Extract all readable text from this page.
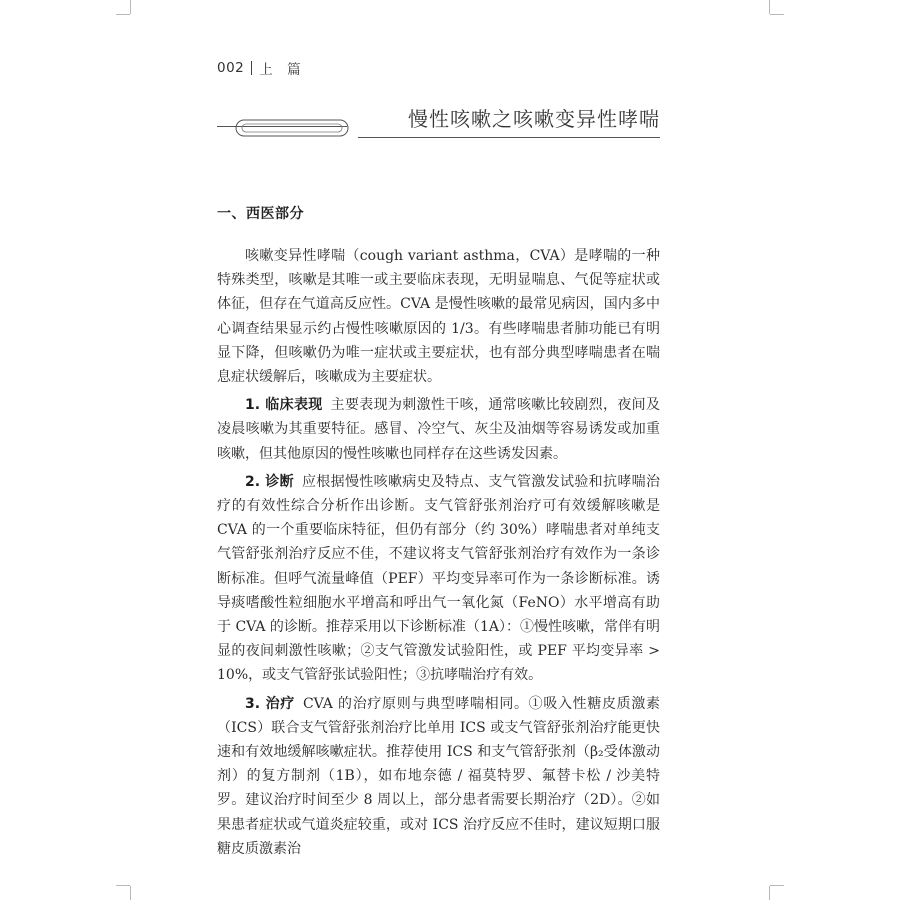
002 上 篇
慢性咳嗽之咳嗽变异性哮喘
一、西医部分

咳嗽变异性哮喘（cough variant asthma，CVA）是哮喘的一种特殊类型，咳嗽是其唯一或主要临床表现，无明显喘息、气促等症状或体征，但存在气道高反应性。CVA 是慢性咳嗽的最常见病因，国内多中心调查结果显示约占慢性咳嗽原因的 1/3。有些哮喘患者肺功能已有明显下降，但咳嗽仍为唯一症状或主要症状，也有部分典型哮喘患者在喘息症状缓解后，咳嗽成为主要症状。

1. 临床表现 主要表现为刺激性干咳，通常咳嗽比较剧烈，夜间及凌晨咳嗽为其重要特征。感冒、冷空气、灰尘及油烟等容易诱发或加重咳嗽，但其他原因的慢性咳嗽也同样存在这些诱发因素。

2. 诊断 应根据慢性咳嗽病史及特点、支气管激发试验和抗哮喘治疗的有效性综合分析作出诊断。支气管舒张剂治疗可有效缓解咳嗽是CVA 的一个重要临床特征，但仍有部分（约 30%）哮喘患者对单纯支气管舒张剂治疗反应不佳，不建议将支气管舒张剂治疗有效作为一条诊断标准。但呼气流量峰值（PEF）平均变异率可作为一条诊断标准。诱导痰嗜酸性粒细胞水平增高和呼出气一氧化氮（FeNO）水平增高有助于 CVA 的诊断。推荐采用以下诊断标准（1A）：①慢性咳嗽，常伴有明显的夜间刺激性咳嗽；②支气管激发试验阳性，或 PEF 平均变异率 > 10%，或支气管舒张试验阳性；③抗哮喘治疗有效。

3. 治疗 CVA 的治疗原则与典型哮喘相同。①吸入性糖皮质激素（ICS）联合支气管舒张剂治疗比单用 ICS 或支气管舒张剂治疗能更快速和有效地缓解咳嗽症状。推荐使用 ICS 和支气管舒张剂（β₂受体激动剂）的复方制剂（1B），如布地奈德 / 福莫特罗、氟替卡松 / 沙美特罗。建议治疗时间至少 8 周以上，部分患者需要长期治疗（2D）。②如果患者症状或气道炎症较重，或对 ICS 治疗反应不佳时，建议短期口服糖皮质激素治
